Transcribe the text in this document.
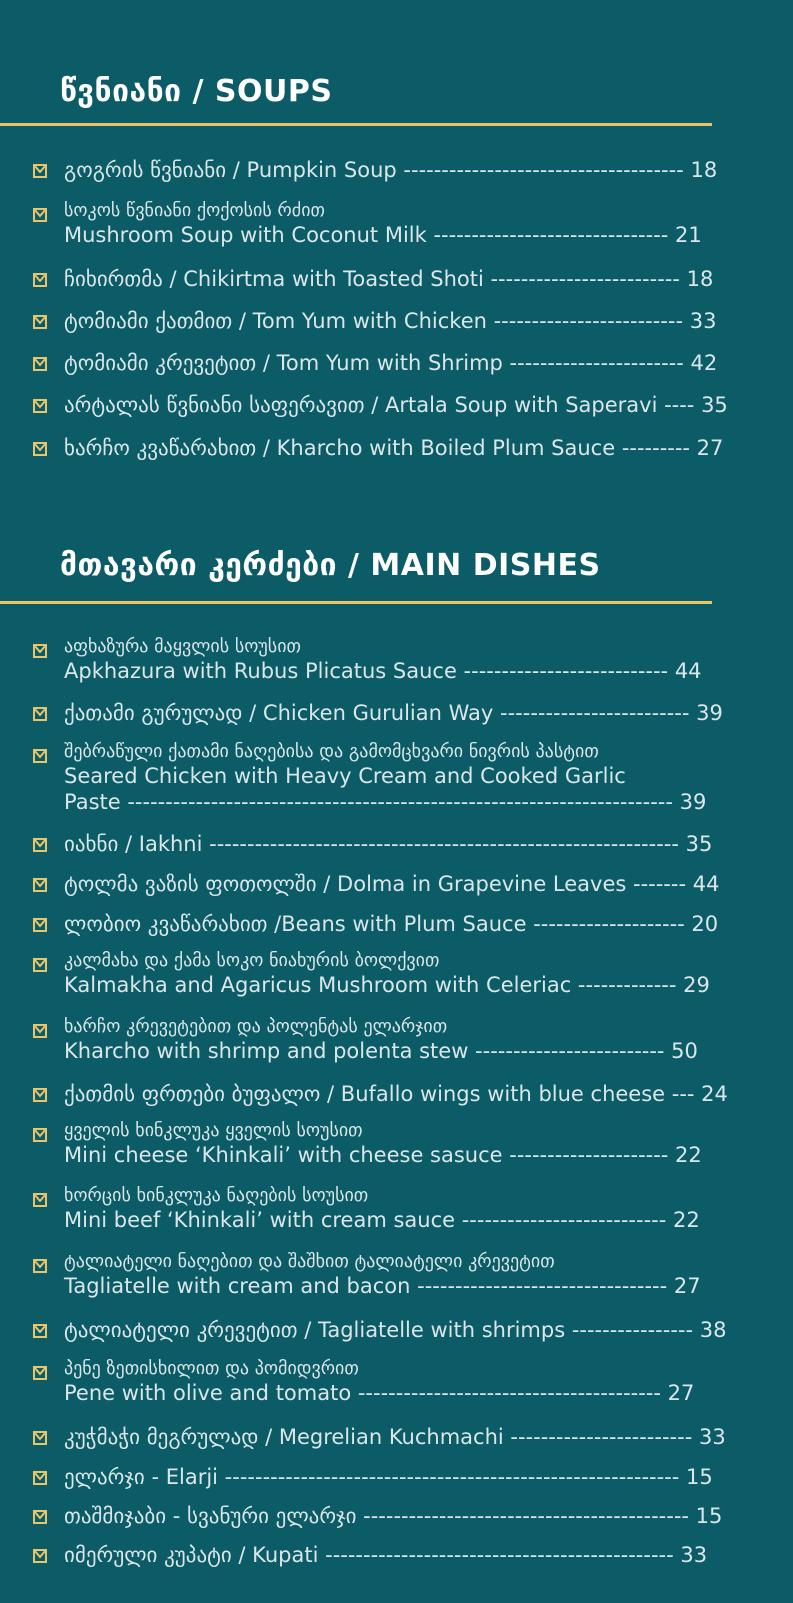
წვნიანი / SOUPS
გოგრის წვნიანი / Pumpkin Soup ------------------------------------- 18
სოკოს წვნიანი ქოქოსის რძით
Mushroom Soup with Coconut Milk ------------------------------- 21
ჩიხირთმა / Chikirtma with Toasted Shoti ------------------------- 18
ტომიამი ქათმით / Tom Yum with Chicken ------------------------- 33
ტომიამი კრევეტით / Tom Yum with Shrimp ----------------------- 42
არტალას წვნიანი საფერავით / Artala Soup with Saperavi ---- 35
ხარჩო კვაწარახით / Kharcho with Boiled Plum Sauce --------- 27
მთავარი კერძები / MAIN DISHES
აფხაზურა მაყვლის სოუსით
Apkhazura with Rubus Plicatus Sauce --------------------------- 44
ქათამი გურულად / Chicken Gurulian Way ------------------------- 39
შებრაწული ქათამი ნაღებისა და გამომცხვარი ნივრის პასტით
Seared Chicken with Heavy Cream and Cooked Garlic
Paste ------------------------------------------------------------------------ 39
იახნი / Iakhni -------------------------------------------------------------- 35
ტოლმა ვაზის ფოთოლში / Dolma in Grapevine Leaves ------- 44
ლობიო კვაწარახით /Beans with Plum Sauce -------------------- 20
კალმახა და ქამა სოკო ნიახურის ბოლქვით
Kalmakha and Agaricus Mushroom with Celeriac ------------- 29
ხარჩო კრევეტებით და პოლენტას ელარჯით
Kharcho with shrimp and polenta stew ------------------------- 50
ქათმის ფრთები ბუფალო / Bufallo wings with blue cheese --- 24
ყველის ხინკლუკა ყველის სოუსით
Mini cheese ‘Khinkali’ with cheese sasuce --------------------- 22
ხორცის ხინკლუკა ნაღების სოუსით
Mini beef ‘Khinkali’ with cream sauce --------------------------- 22
ტალიატელი ნაღებით და შაშხით ტალიატელი კრევეტით
Tagliatelle with cream and bacon --------------------------------- 27
ტალიატელი კრევეტით / Tagliatelle with shrimps ---------------- 38
პენე ზეთისხილით და პომიდვრით
Pene with olive and tomato ---------------------------------------- 27
კუჭმაჭი მეგრულად / Megrelian Kuchmachi ------------------------ 33
ელარჯი - Elarji ------------------------------------------------------------ 15
თაშმიჯაბი - სვანური ელარჯი ------------------------------------------- 15
იმერული კუპატი / Kupati ---------------------------------------------- 33
